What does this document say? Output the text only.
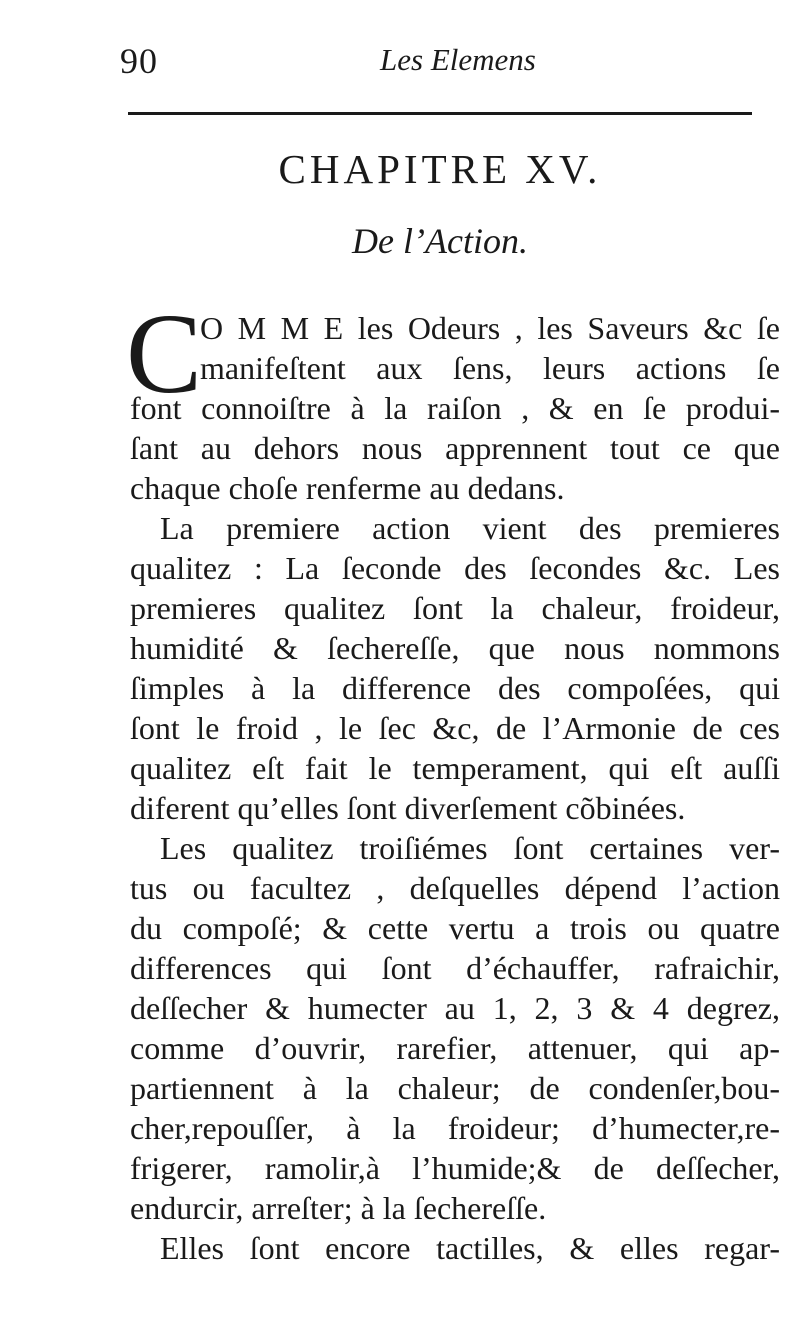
90	Les Elemens
CHAPITRE XV.
De l’Action.
C
O M M E les Odeurs , les Saveurs &c ſe
manifeſtent aux ſens, leurs actions ſe
font connoiſtre à la raiſon , & en ſe produi-
ſant au dehors nous apprennent tout ce que
chaque choſe renferme au dedans.
La premiere action vient des premieres
qualitez : La ſeconde des ſecondes &c. Les
premieres qualitez ſont la chaleur, froideur,
humidité & ſechereſſe, que nous nommons
ſimples à la difference des compoſées, qui
ſont le froid , le ſec &c, de l’Armonie de ces
qualitez eſt fait le temperament, qui eſt auſſi
diferent qu’elles ſont diverſement cõbinées.
Les qualitez troiſiémes ſont certaines ver-
tus ou facultez , deſquelles dépend l’action
du compoſé; & cette vertu a trois ou quatre
differences qui ſont d’échauffer, rafraichir,
deſſecher & humecter au 1, 2, 3 & 4 degrez,
comme d’ouvrir, rarefier, attenuer, qui ap-
partiennent à la chaleur; de condenſer,bou-
cher,repouſſer, à la froideur; d’humecter,re-
frigerer, ramolir,à l’humide;& de deſſecher,
endurcir, arreſter; à la ſechereſſe.
Elles ſont encore tactilles, & elles regar-
